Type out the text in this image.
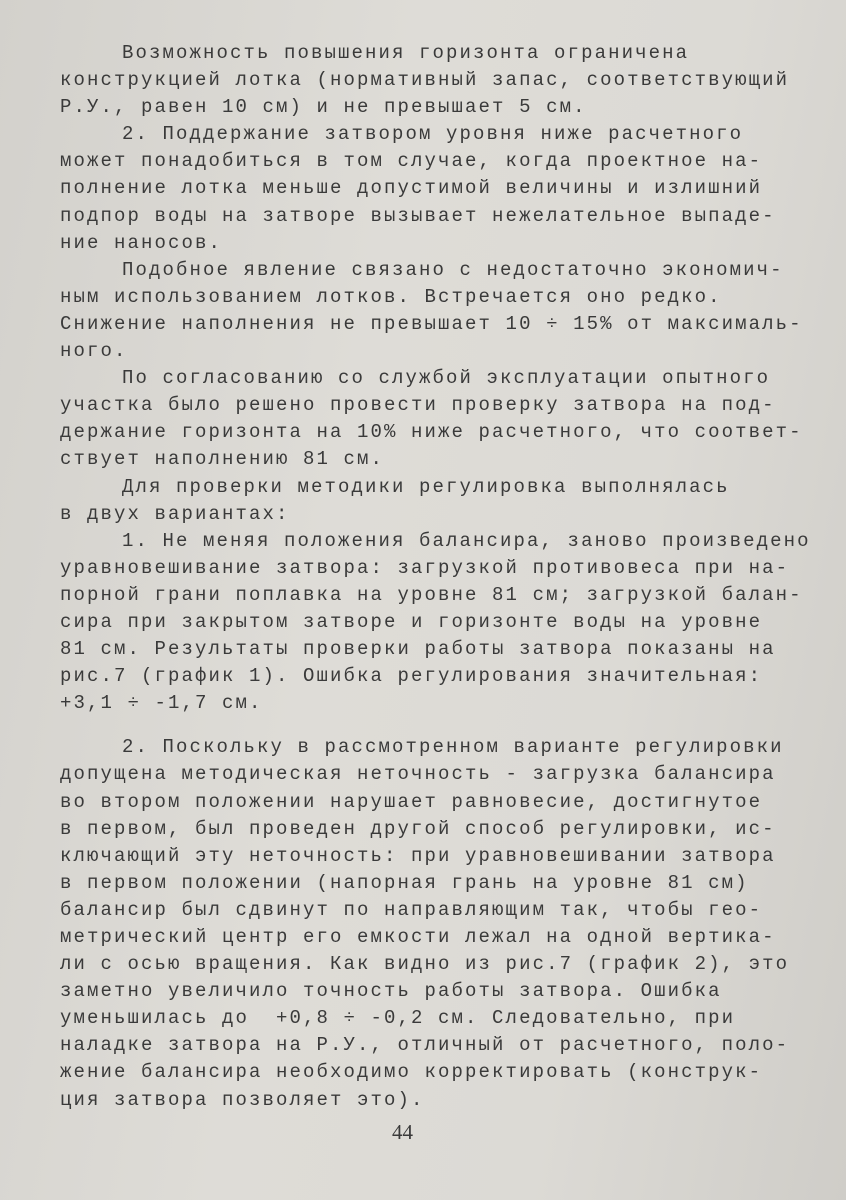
Возможность повышения горизонта ограничена
конструкцией лотка (нормативный запас, соответствующий
Р.У., равен 10 см) и не превышает 5 см.
2. Поддержание затвором уровня ниже расчетного
может понадобиться в том случае, когда проектное на-
полнение лотка меньше допустимой величины и излишний
подпор воды на затворе вызывает нежелательное выпаде-
ние наносов.
Подобное явление связано с недостаточно экономич-
ным использованием лотков. Встречается оно редко.
Снижение наполнения не превышает 10 ÷ 15% от максималь-
ного.
По согласованию со службой эксплуатации опытного
участка было решено провести проверку затвора на под-
держание горизонта на 10% ниже расчетного, что соответ-
ствует наполнению 81 см.
Для проверки методики регулировка выполнялась
в двух вариантах:
1. Не меняя положения балансира, заново произведено
уравновешивание затвора: загрузкой противовеса при на-
порной грани поплавка на уровне 81 см; загрузкой балан-
сира при закрытом затворе и горизонте воды на уровне
81 см. Результаты проверки работы затвора показаны на
рис.7 (график 1). Ошибка регулирования значительная:
+3,1 ÷ -1,7 см.
2. Поскольку в рассмотренном варианте регулировки
допущена методическая неточность - загрузка балансира
во втором положении нарушает равновесие, достигнутое
в первом, был проведен другой способ регулировки, ис-
ключающий эту неточность: при уравновешивании затвора
в первом положении (напорная грань на уровне 81 см)
балансир был сдвинут по направляющим так, чтобы гео-
метрический центр его емкости лежал на одной вертика-
ли с осью вращения. Как видно из рис.7 (график 2), это
заметно увеличило точность работы затвора. Ошибка
уменьшилась до  +0,8 ÷ -0,2 см. Следовательно, при
наладке затвора на Р.У., отличный от расчетного, поло-
жение балансира необходимо корректировать (конструк-
ция затвора позволяет это).
44
